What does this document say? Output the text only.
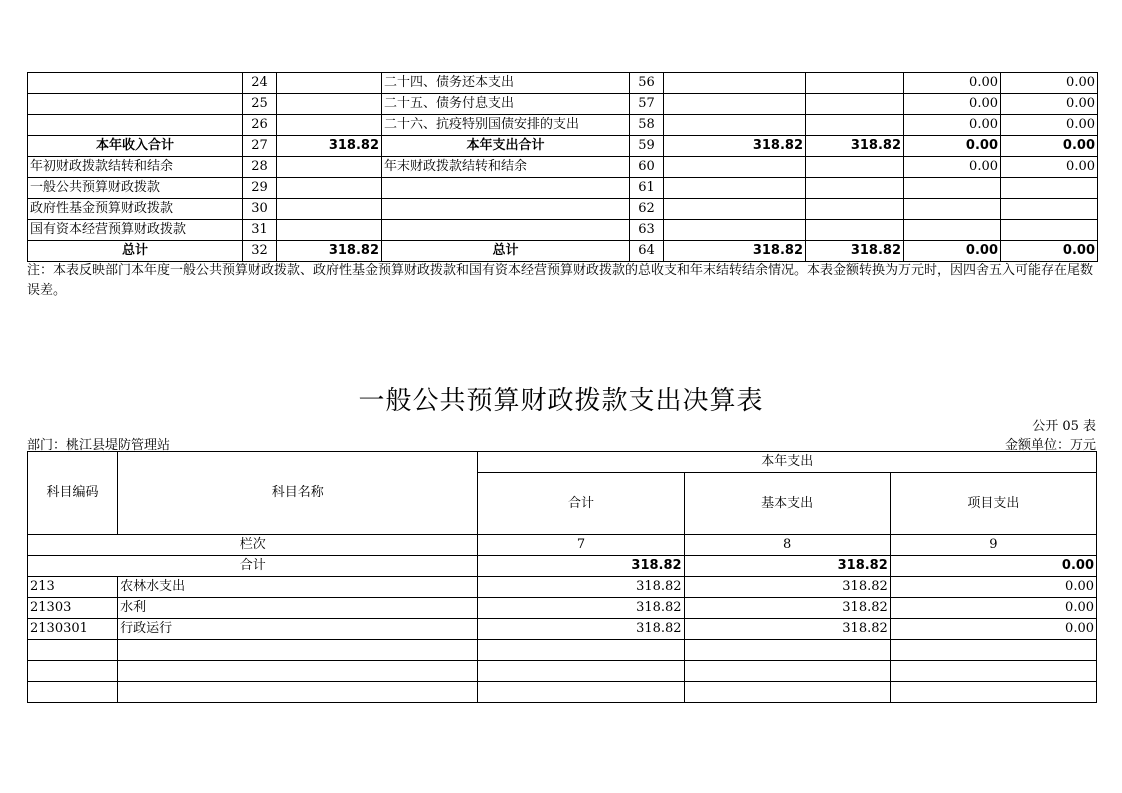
	24		二十四、债务还本支出	56			0.00	0.00
	25		二十五、债务付息支出	57			0.00	0.00
	26		二十六、抗疫特别国债安排的支出	58			0.00	0.00
本年收入合计	27	318.82	本年支出合计	59	318.82	318.82	0.00	0.00
年初财政拨款结转和结余	28		年末财政拨款结转和结余	60			0.00	0.00
一般公共预算财政拨款	29			61				
政府性基金预算财政拨款	30			62				
国有资本经营预算财政拨款	31			63				
总计	32	318.82	总计	64	318.82	318.82	0.00	0.00
注：本表反映部门本年度一般公共预算财政拨款、政府性基金预算财政拨款和国有资本经营预算财政拨款的总收支和年末结转结余情况。本表金额转换为万元时，因四舍五入可能存在尾数误差。
一般公共预算财政拨款支出决算表
公开 05 表
部门：桃江县堤防管理站	金额单位：万元
科目编码	科目名称	本年支出		
		合计	基本支出	项目支出
栏次		7	8	9
合计		318.82	318.82	0.00
213	农林水支出	318.82	318.82	0.00
21303	水利	318.82	318.82	0.00
2130301	行政运行	318.82	318.82	0.00
